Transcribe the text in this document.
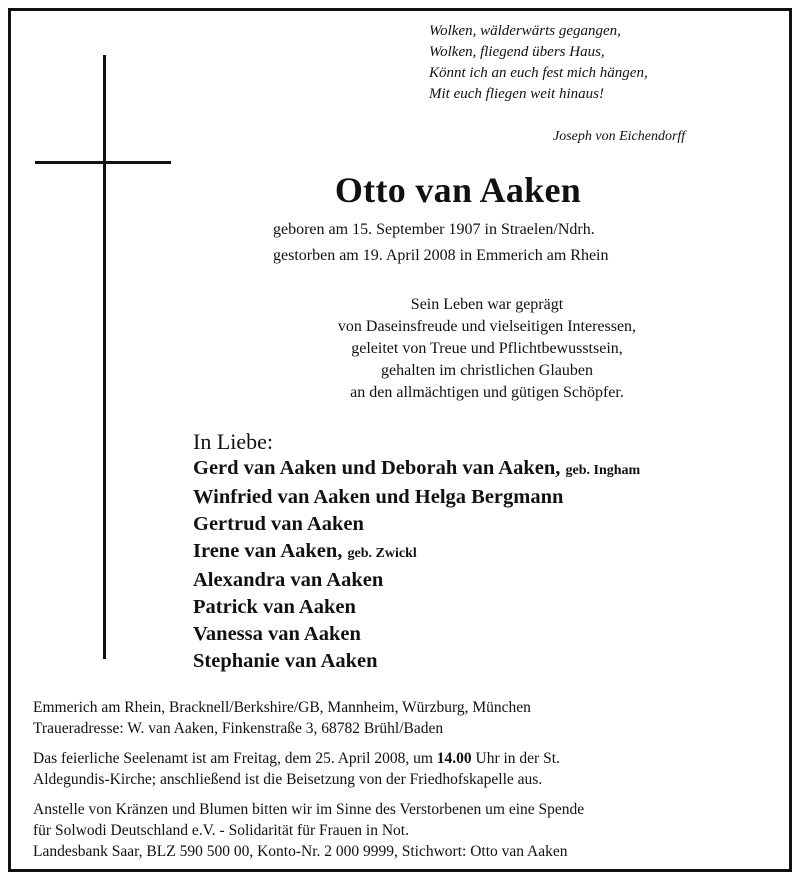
Wolken, wälderwärts gegangen,
Wolken, fliegend übers Haus,
Könnt ich an euch fest mich hängen,
Mit euch fliegen weit hinaus!
Joseph von Eichendorff
Otto van Aaken
geboren am 15. September 1907 in Straelen/Ndrh.
gestorben am 19. April 2008 in Emmerich am Rhein
Sein Leben war geprägt
von Daseinsfreude und vielseitigen Interessen,
geleitet von Treue und Pflichtbewusstsein,
gehalten im christlichen Glauben
an den allmächtigen und gütigen Schöpfer.
In Liebe:
Gerd van Aaken und Deborah van Aaken, geb. Ingham
Winfried van Aaken und Helga Bergmann
Gertrud van Aaken
Irene van Aaken, geb. Zwickl
Alexandra van Aaken
Patrick van Aaken
Vanessa van Aaken
Stephanie van Aaken

Emmerich am Rhein, Bracknell/Berkshire/GB, Mannheim, Würzburg, München
Traueradresse: W. van Aaken, Finkenstraße 3, 68782 Brühl/Baden

Das feierliche Seelenamt ist am Freitag, dem 25. April 2008, um 14.00 Uhr in der St.
Aldegundis-Kirche; anschließend ist die Beisetzung von der Friedhofskapelle aus.

Anstelle von Kränzen und Blumen bitten wir im Sinne des Verstorbenen um eine Spende
für Solwodi Deutschland e.V. - Solidarität für Frauen in Not.
Landesbank Saar, BLZ 590 500 00, Konto-Nr. 2 000 9999, Stichwort: Otto van Aaken
